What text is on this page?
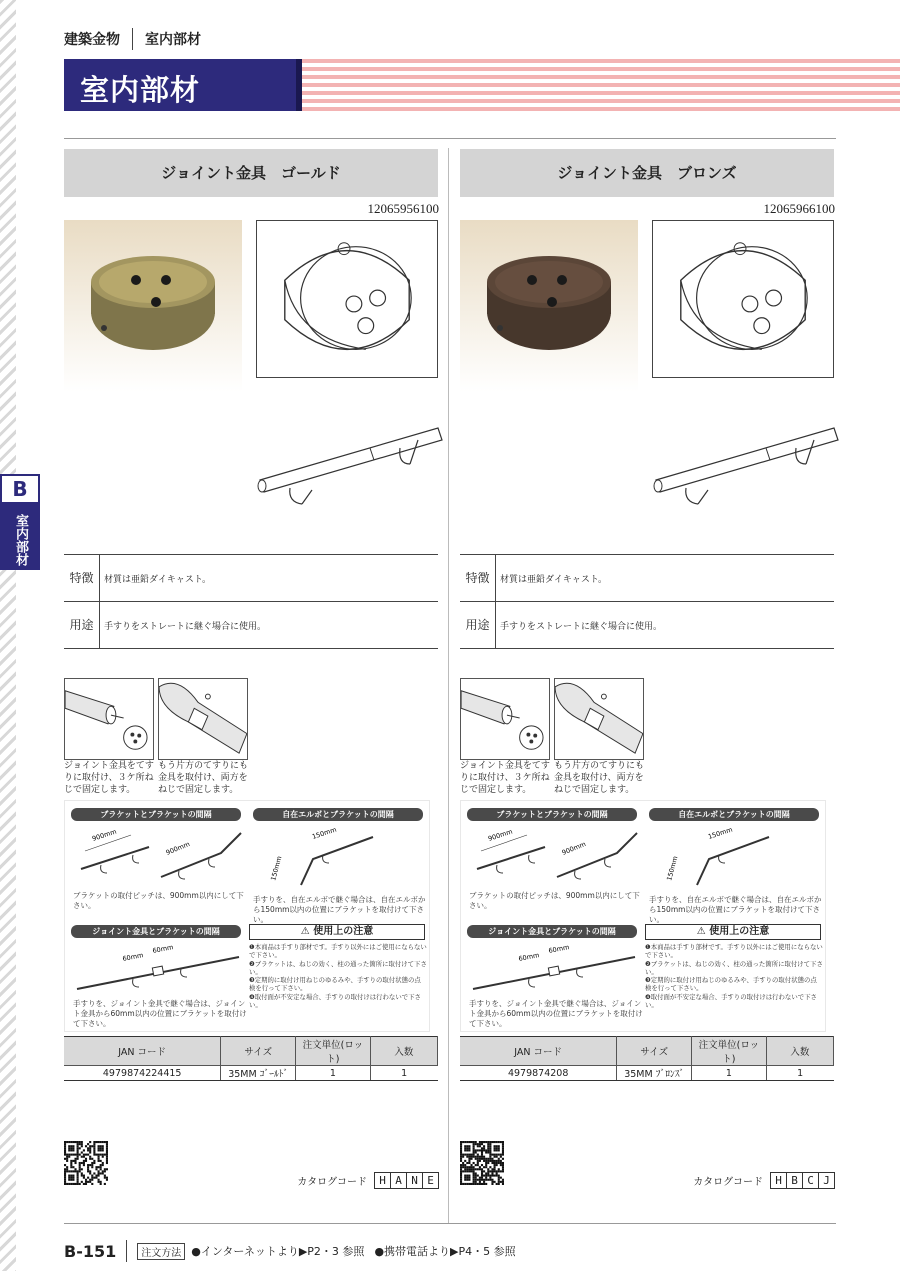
建築金物 室内部材
室内部材
B
室内部材
ジョイント金具　ゴールド
12065956100
特徴	材質は亜鉛ダイキャスト。
用途	手すりをストレートに継ぐ場合に使用。
ジョイント金具をてすりに取付け、３ケ所ねじで固定します。
もう片方のてすりにも金具を取付け、両方をねじで固定します。
ブラケットとブラケットの間隔
900mm
900mm
ブラケットの取付ピッチは、900mm以内にして下さい。
自在エルボとブラケットの間隔
150mm
150mm
手すりを、自在エルボで継ぐ場合は、自在エルボから150mm以内の位置にブラケットを取付けて下さい。
ジョイント金具とブラケットの間隔
60mm
60mm
手すりを、ジョイント金具で継ぐ場合は、ジョイント金具から60mm以内の位置にブラケットを取付けて下さい。
⚠ 使用上の注意
❶本商品は手すり部材です。手すり以外にはご使用にならないで下さい。
❷ブラケットは、ねじの効く、柱の通った箇所に取付けて下さい。
❸定期的に取付け用ねじのゆるみや、手すりの取付状態の点検を行って下さい。
❹取付面が不安定な場合、手すりの取付けは行わないで下さい。
JAN コード	サイズ	注文単位(ロット)	入数
4979874224415	35MM ｺﾞｰﾙﾄﾞ	1	1
カタログコード	H A N E
ジョイント金具　ブロンズ
12065966100
特徴	材質は亜鉛ダイキャスト。
用途	手すりをストレートに継ぐ場合に使用。
ジョイント金具をてすりに取付け、３ケ所ねじで固定します。
もう片方のてすりにも金具を取付け、両方をねじで固定します。
ブラケットとブラケットの間隔
900mm
900mm
ブラケットの取付ピッチは、900mm以内にして下さい。
自在エルボとブラケットの間隔
150mm
150mm
手すりを、自在エルボで継ぐ場合は、自在エルボから150mm以内の位置にブラケットを取付けて下さい。
ジョイント金具とブラケットの間隔
60mm
60mm
手すりを、ジョイント金具で継ぐ場合は、ジョイント金具から60mm以内の位置にブラケットを取付けて下さい。
⚠ 使用上の注意
❶本商品は手すり部材です。手すり以外にはご使用にならないで下さい。
❷ブラケットは、ねじの効く、柱の通った箇所に取付けて下さい。
❸定期的に取付け用ねじのゆるみや、手すりの取付状態の点検を行って下さい。
❹取付面が不安定な場合、手すりの取付けは行わないで下さい。
JAN コード	サイズ	注文単位(ロット)	入数
4979874208	35MM ﾌﾞﾛﾝｽﾞ	1	1
カタログコード	H B C J
B-151	注文方法 ●インターネットより▶P2・3 参照 ●携帯電話より▶P4・5 参照
